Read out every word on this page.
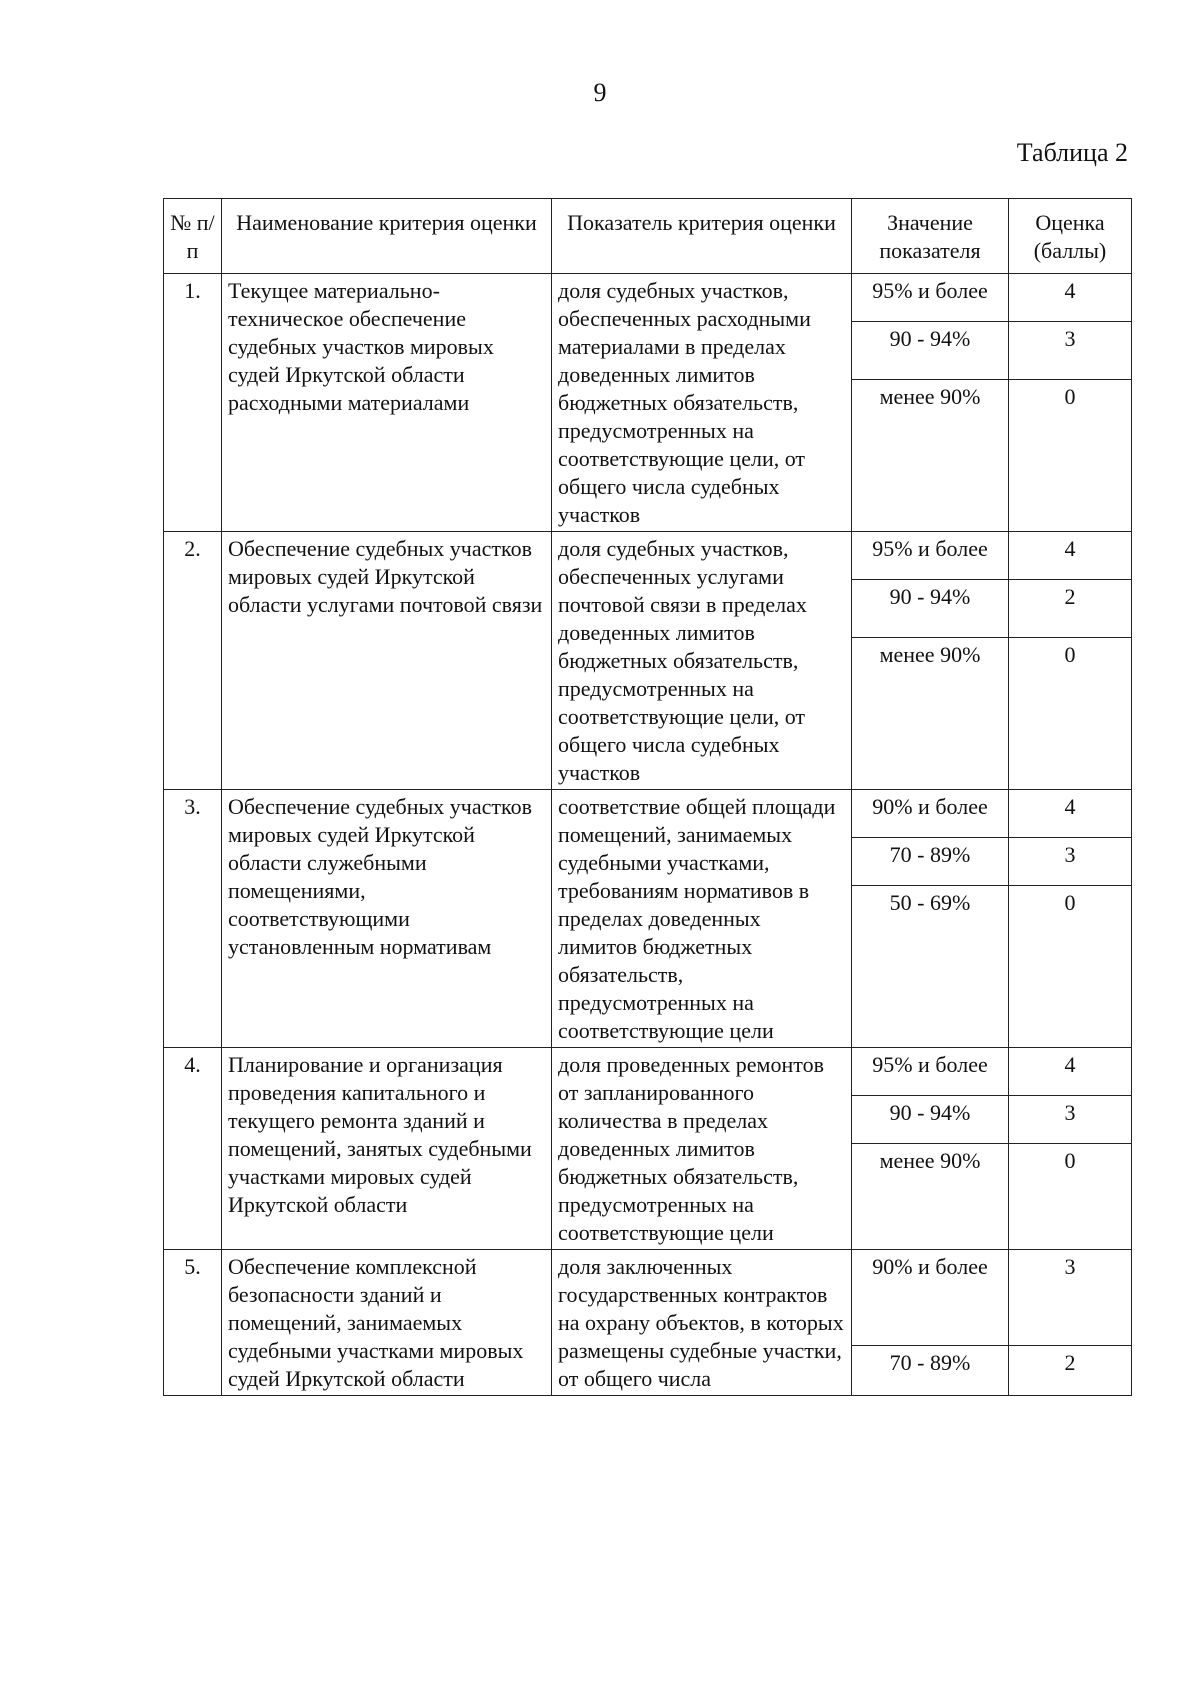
9
Таблица 2
№ п/п	Наименование критерия оценки	Показатель критерия оценки	Значение показателя	Оценка (баллы)
1.	Текущее материально-техническое обеспечение судебных участков мировых судей Иркутской области расходными материалами	доля судебных участков, обеспеченных расходными материалами в пределах доведенных лимитов бюджетных обязательств, предусмотренных на соответствующие цели, от общего числа судебных участков	95% и более	4
			90 - 94%	3
			менее 90%	0
2.	Обеспечение судебных участков мировых судей Иркутской области услугами почтовой связи	доля судебных участков, обеспеченных услугами почтовой связи в пределах доведенных лимитов бюджетных обязательств, предусмотренных на соответствующие цели, от общего числа судебных участков	95% и более	4
			90 - 94%	2
			менее 90%	0
3.	Обеспечение судебных участков мировых судей Иркутской области служебными помещениями, соответствующими установленным нормативам	соответствие общей площади помещений, занимаемых судебными участками, требованиям нормативов в пределах доведенных лимитов бюджетных обязательств, предусмотренных на соответствующие цели	90% и более	4
			70 - 89%	3
			50 - 69%	0
4.	Планирование и организация проведения капитального и текущего ремонта зданий и помещений, занятых судебными участками мировых судей Иркутской области	доля проведенных ремонтов от запланированного количества в пределах доведенных лимитов бюджетных обязательств, предусмотренных на соответствующие цели	95% и более	4
			90 - 94%	3
			менее 90%	0
5.	Обеспечение комплексной безопасности зданий и помещений, занимаемых судебными участками мировых судей Иркутской области	доля заключенных государственных контрактов на охрану объектов, в которых размещены судебные участки, от общего числа	90% и более	3
			70 - 89%	2
